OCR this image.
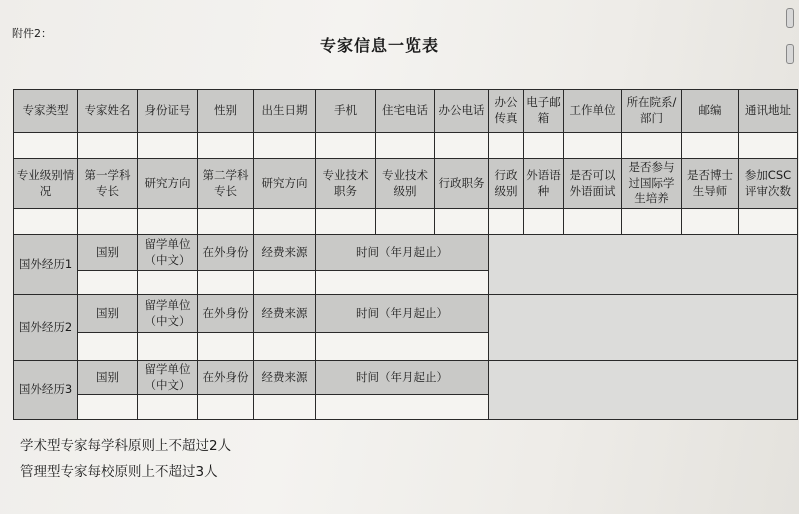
附件2：
专家信息一览表
专家类型	专家姓名	身份证号	性别	出生日期	手机	住宅电话	办公电话	办公传真	电子邮箱	工作单位	所在院系/部门	邮编	通讯地址

专业级别情况	第一学科专长	研究方向	第二学科专长	研究方向	专业技术职务	专业技术级别	行政职务	行政级别	外语语种	是否可以外语面试	是否参与过国际学生培养	是否博士生导师	参加CSC评审次数

国外经历1	国别	留学单位（中文）	在外身份	经费来源	时间（年月起止）								

国外经历2	国别	留学单位（中文）	在外身份	经费来源	时间（年月起止）								

国外经历3	国别	留学单位（中文）	在外身份	经费来源	时间（年月起止）								

学术型专家每学科原则上不超过2人
管理型专家每校原则上不超过3人
